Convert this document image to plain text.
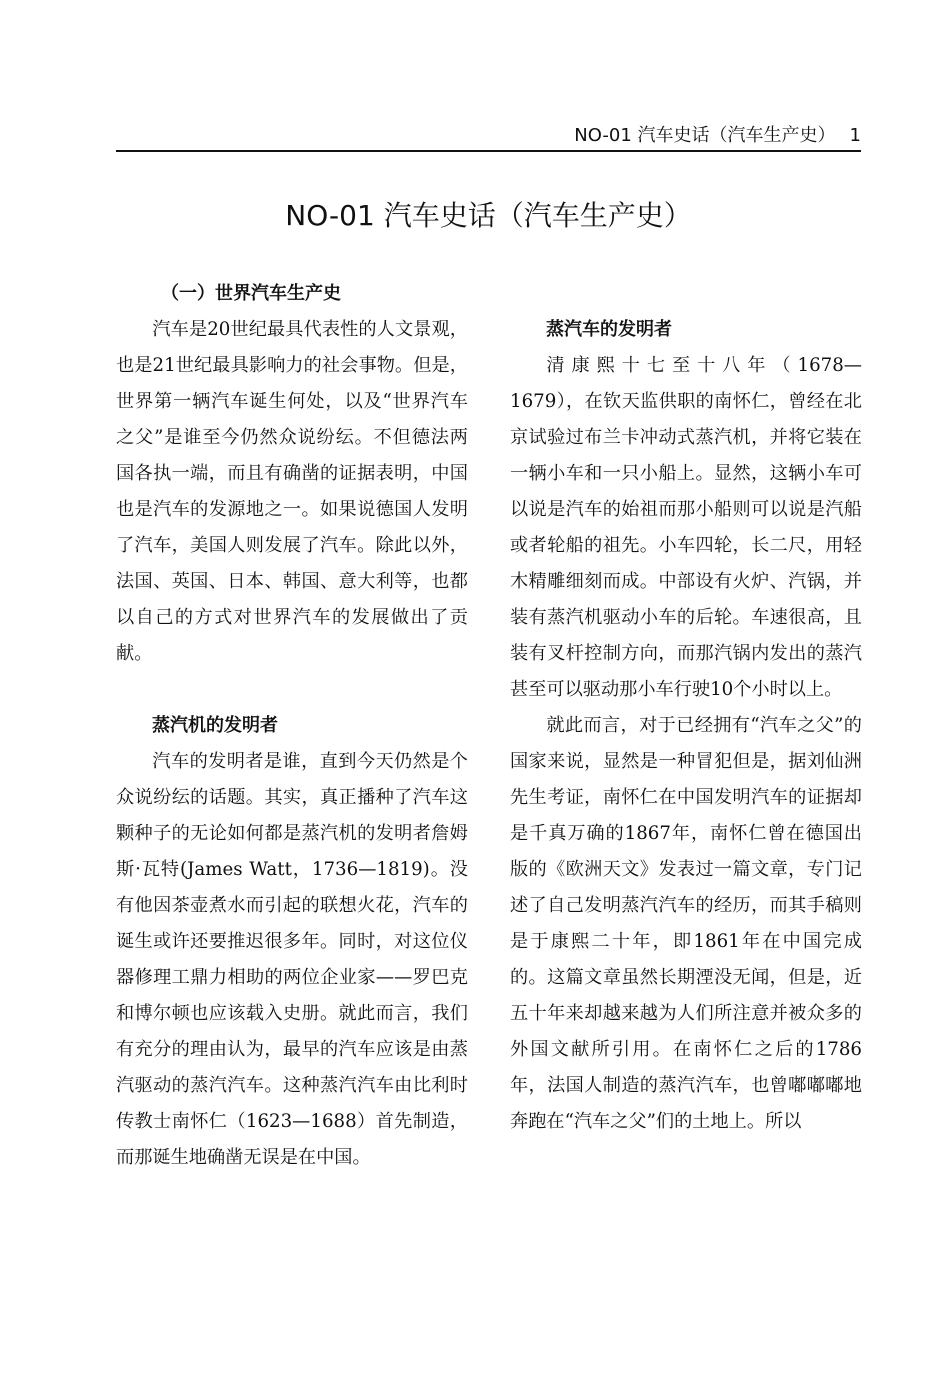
NO-01 汽车史话（汽车生产史） 1
NO-01 汽车史话（汽车生产史）
（一）世界汽车生产史

汽车是20世纪最具代表性的人文景观，也是21世纪最具影响力的社会事物。但是，世界第一辆汽车诞生何处，以及“世界汽车之父”是谁至今仍然众说纷纭。不但德法两国各执一端，而且有确凿的证据表明，中国也是汽车的发源地之一。如果说德国人发明了汽车，美国人则发展了汽车。除此以外，法国、英国、日本、韩国、意大利等，也都以自己的方式对世界汽车的发展做出了贡献。

蒸汽机的发明者

汽车的发明者是谁，直到今天仍然是个众说纷纭的话题。其实，真正播种了汽车这颗种子的无论如何都是蒸汽机的发明者詹姆斯·瓦特(James Watt，1736—1819)。没有他因茶壶煮水而引起的联想火花，汽车的诞生或许还要推迟很多年。同时，对这位仪器修理工鼎力相助的两位企业家——罗巴克和博尔顿也应该载入史册。就此而言，我们有充分的理由认为，最早的汽车应该是由蒸汽驱动的蒸汽汽车。这种蒸汽汽车由比利时传教士南怀仁（1623—1688）首先制造，而那诞生地确凿无误是在中国。

蒸汽车的发明者

清康熙十七至十八年（1678—1679），在钦天监供职的南怀仁，曾经在北京试验过布兰卡冲动式蒸汽机，并将它装在一辆小车和一只小船上。显然，这辆小车可以说是汽车的始祖而那小船则可以说是汽船或者轮船的祖先。小车四轮，长二尺，用轻木精雕细刻而成。中部设有火炉、汽锅，并装有蒸汽机驱动小车的后轮。车速很高，且装有叉杆控制方向，而那汽锅内发出的蒸汽甚至可以驱动那小车行驶10个小时以上。

就此而言，对于已经拥有“汽车之父”的国家来说，显然是一种冒犯但是，据刘仙洲先生考证，南怀仁在中国发明汽车的证据却是千真万确的1867年，南怀仁曾在德国出版的《欧洲天文》发表过一篇文章，专门记述了自己发明蒸汽汽车的经历，而其手稿则是于康熙二十年，即1861年在中国完成的。这篇文章虽然长期湮没无闻，但是，近五十年来却越来越为人们所注意并被众多的外国文献所引用。在南怀仁之后的1786年，法国人制造的蒸汽汽车，也曾嘟嘟嘟地奔跑在“汽车之父”们的土地上。所以
